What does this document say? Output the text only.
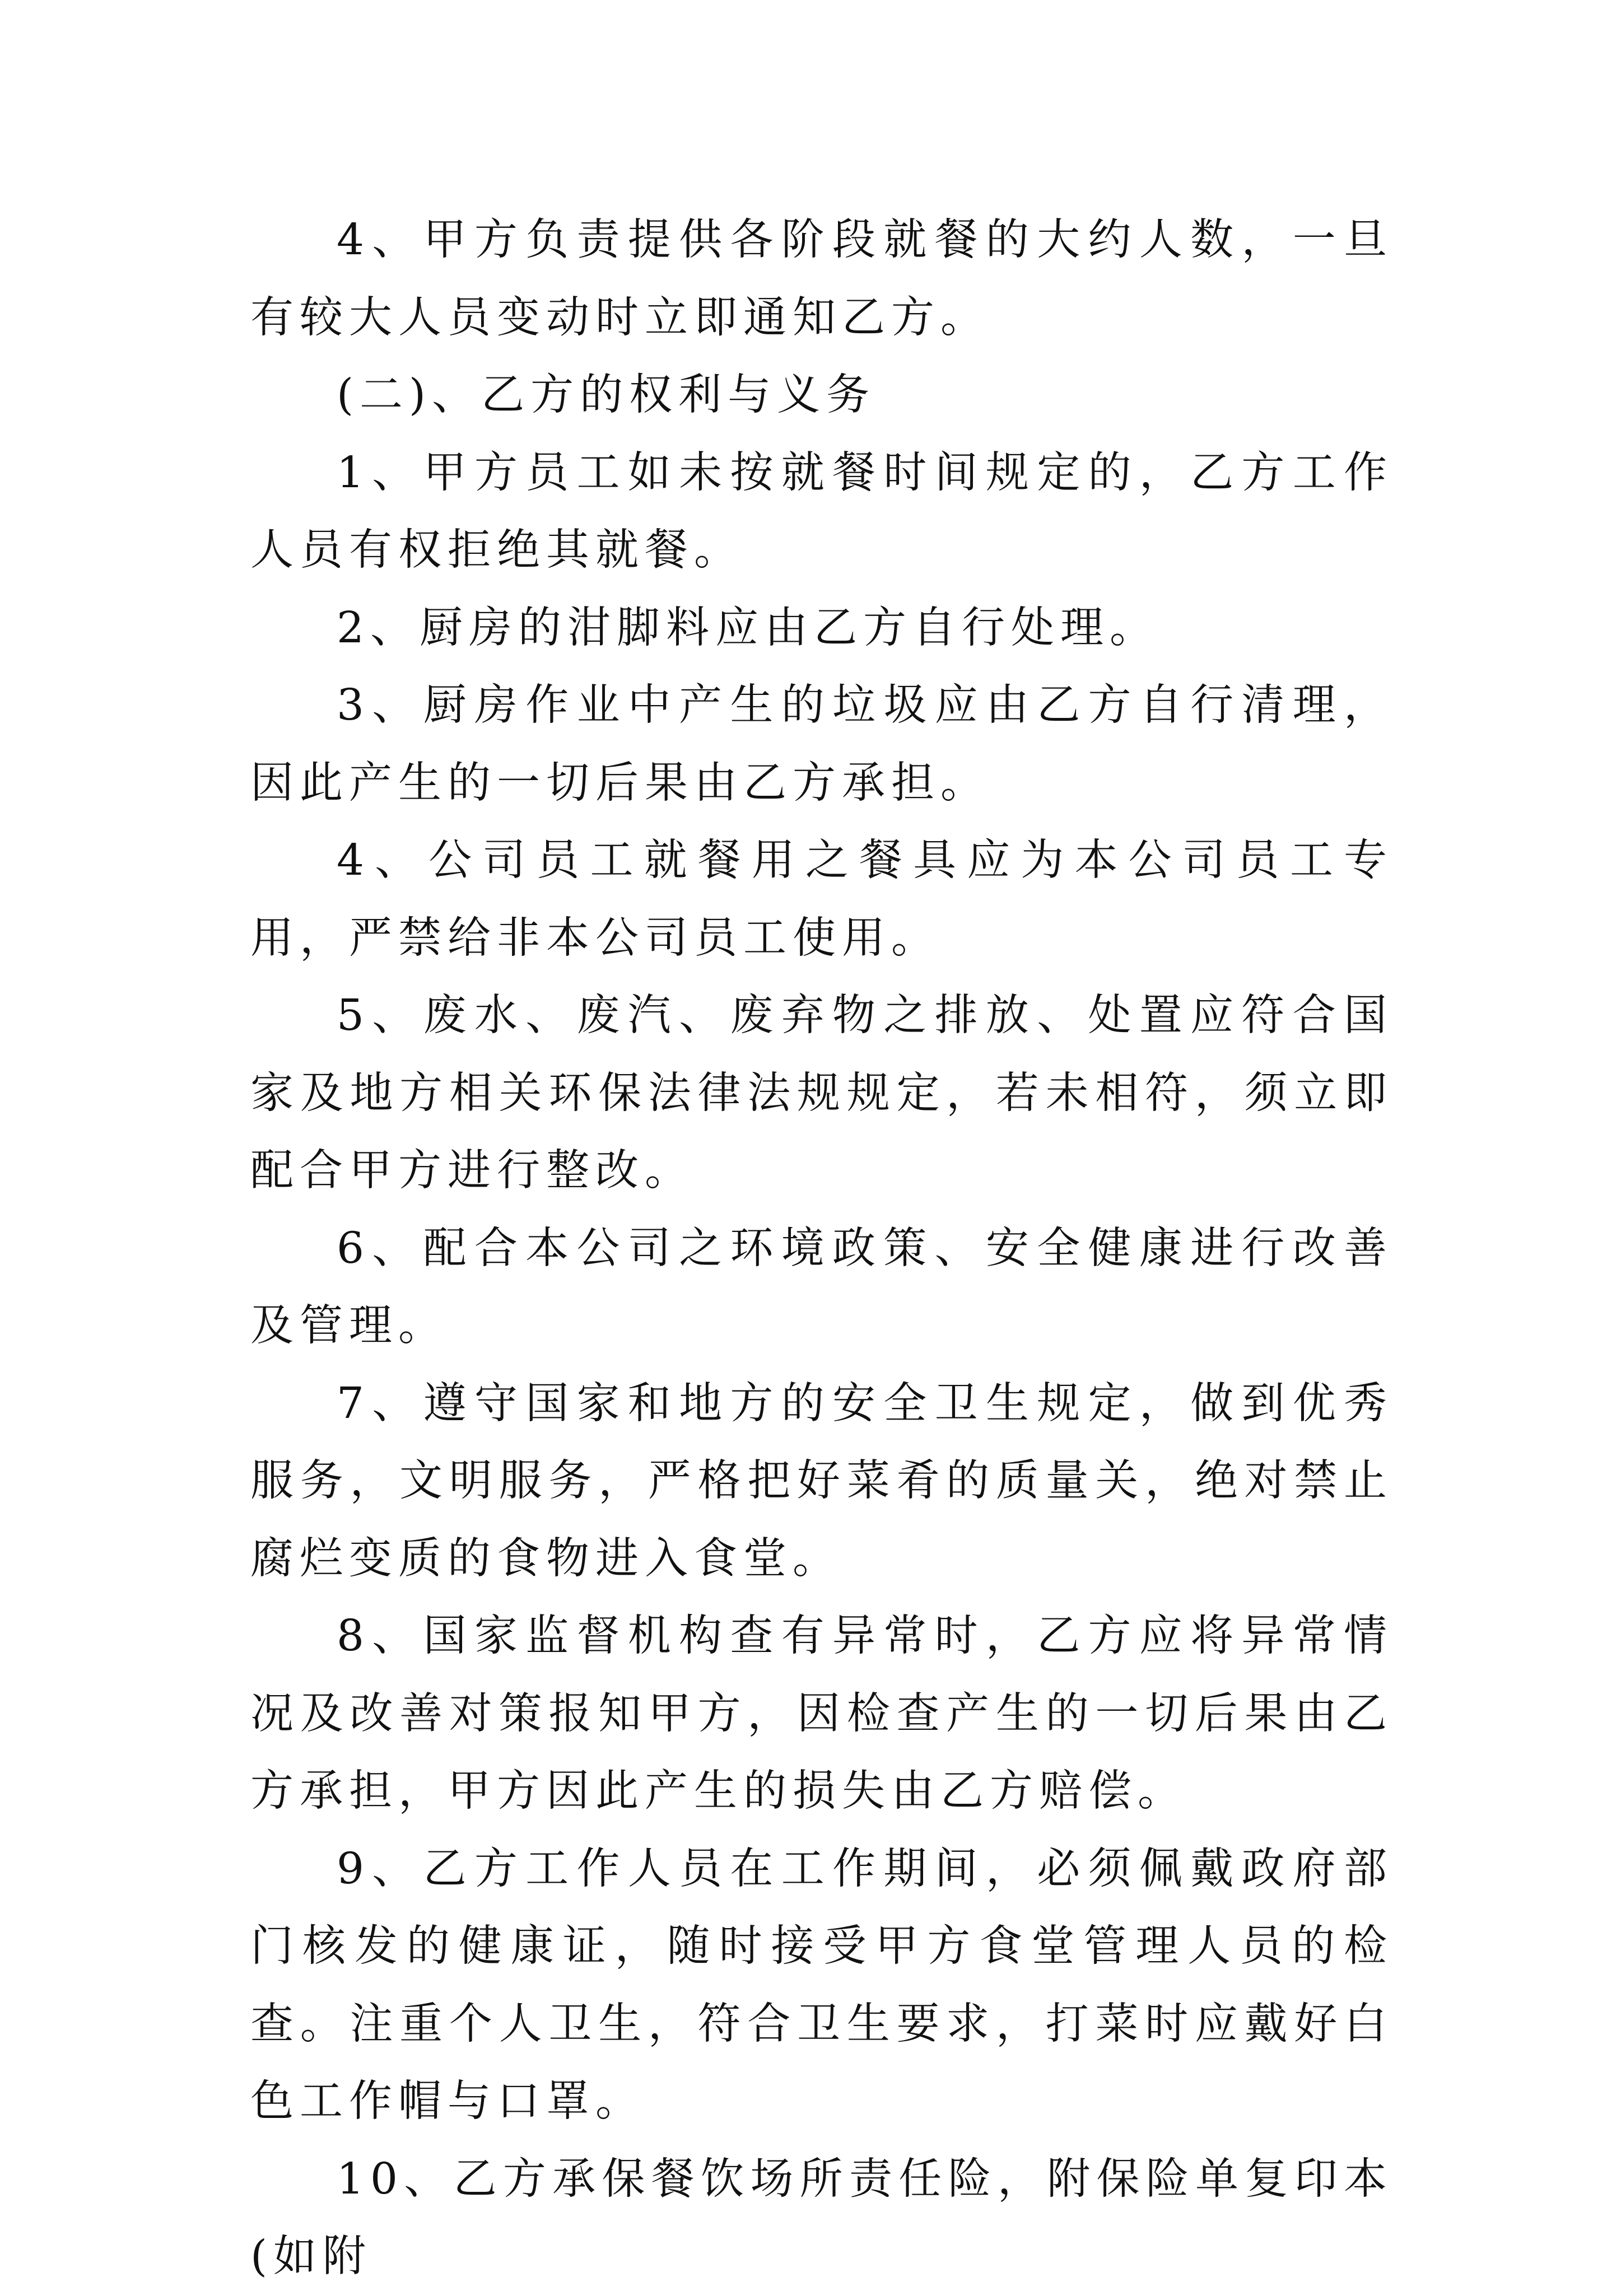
4、甲方负责提供各阶段就餐的大约人数，一旦有较大人员变动时立即通知乙方。

(二)、乙方的权利与义务

1、甲方员工如未按就餐时间规定的，乙方工作人员有权拒绝其就餐。

2、厨房的泔脚料应由乙方自行处理。

3、厨房作业中产生的垃圾应由乙方自行清理，因此产生的一切后果由乙方承担。

4、公司员工就餐用之餐具应为本公司员工专用，严禁给非本公司员工使用。

5、废水、废汽、废弃物之排放、处置应符合国家及地方相关环保法律法规规定，若未相符，须立即配合甲方进行整改。

6、配合本公司之环境政策、安全健康进行改善及管理。

7、遵守国家和地方的安全卫生规定，做到优秀服务，文明服务，严格把好菜肴的质量关，绝对禁止腐烂变质的食物进入食堂。

8、国家监督机构查有异常时，乙方应将异常情况及改善对策报知甲方，因检查产生的一切后果由乙方承担，甲方因此产生的损失由乙方赔偿。

9、乙方工作人员在工作期间，必须佩戴政府部门核发的健康证，随时接受甲方食堂管理人员的检查。注重个人卫生，符合卫生要求，打菜时应戴好白色工作帽与口罩。

10、乙方承保餐饮场所责任险，附保险单复印本(如附
